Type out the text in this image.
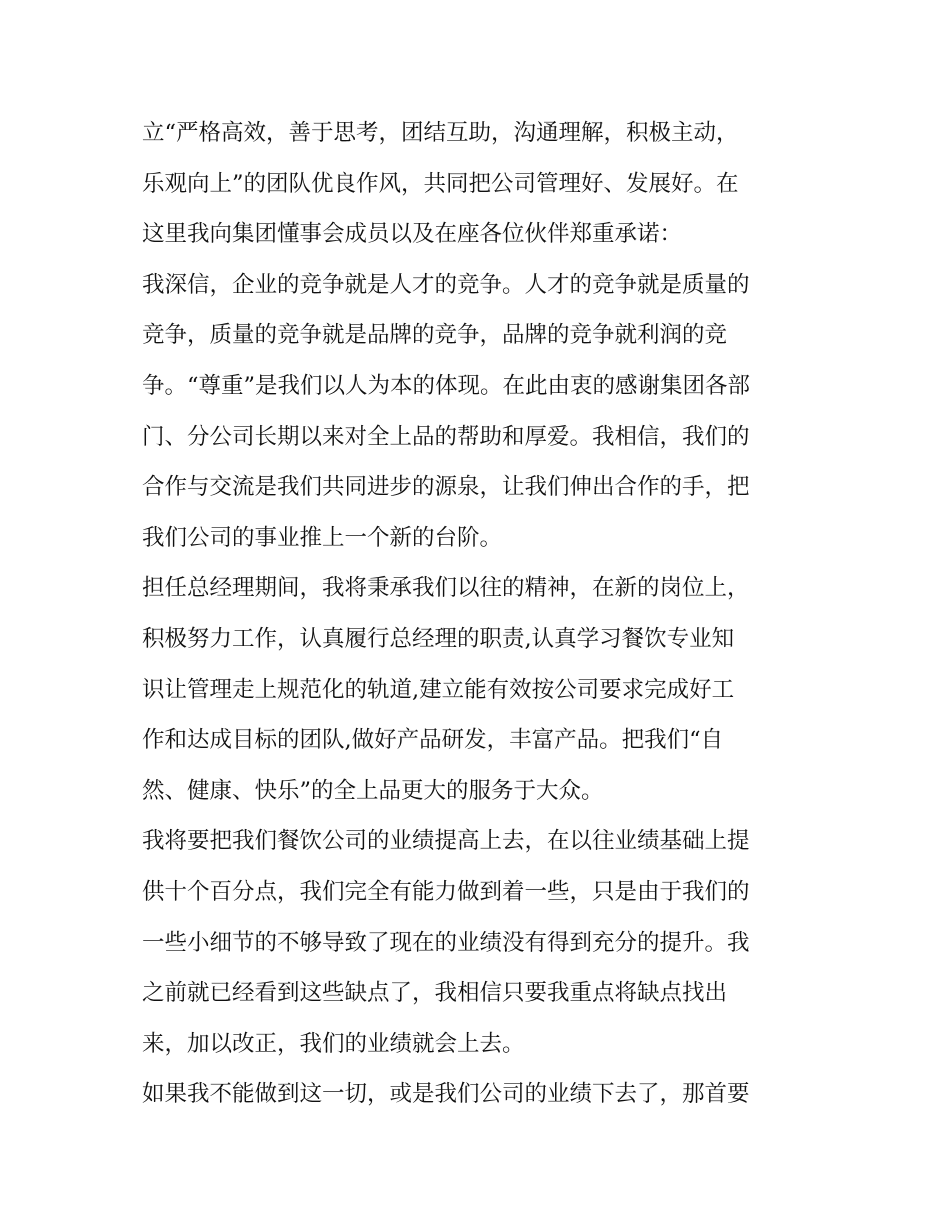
立“严格高效，善于思考，团结互助，沟通理解，积极主动，
乐观向上”的团队优良作风，共同把公司管理好、发展好。在
这里我向集团懂事会成员以及在座各位伙伴郑重承诺：
我深信，企业的竞争就是人才的竞争。人才的竞争就是质量的
竞争，质量的竞争就是品牌的竞争，品牌的竞争就利润的竞
争。“尊重”是我们以人为本的体现。在此由衷的感谢集团各部
门、分公司长期以来对全上品的帮助和厚爱。我相信，我们的
合作与交流是我们共同进步的源泉，让我们伸出合作的手，把
我们公司的事业推上一个新的台阶。
担任总经理期间，我将秉承我们以往的精神，在新的岗位上，
积极努力工作，认真履行总经理的职责,认真学习餐饮专业知
识让管理走上规范化的轨道,建立能有效按公司要求完成好工
作和达成目标的团队,做好产品研发，丰富产品。把我们“自
然、健康、快乐”的全上品更大的服务于大众。
我将要把我们餐饮公司的业绩提高上去，在以往业绩基础上提
供十个百分点，我们完全有能力做到着一些，只是由于我们的
一些小细节的不够导致了现在的业绩没有得到充分的提升。我
之前就已经看到这些缺点了，我相信只要我重点将缺点找出
来，加以改正，我们的业绩就会上去。
如果我不能做到这一切，或是我们公司的业绩下去了，那首要
